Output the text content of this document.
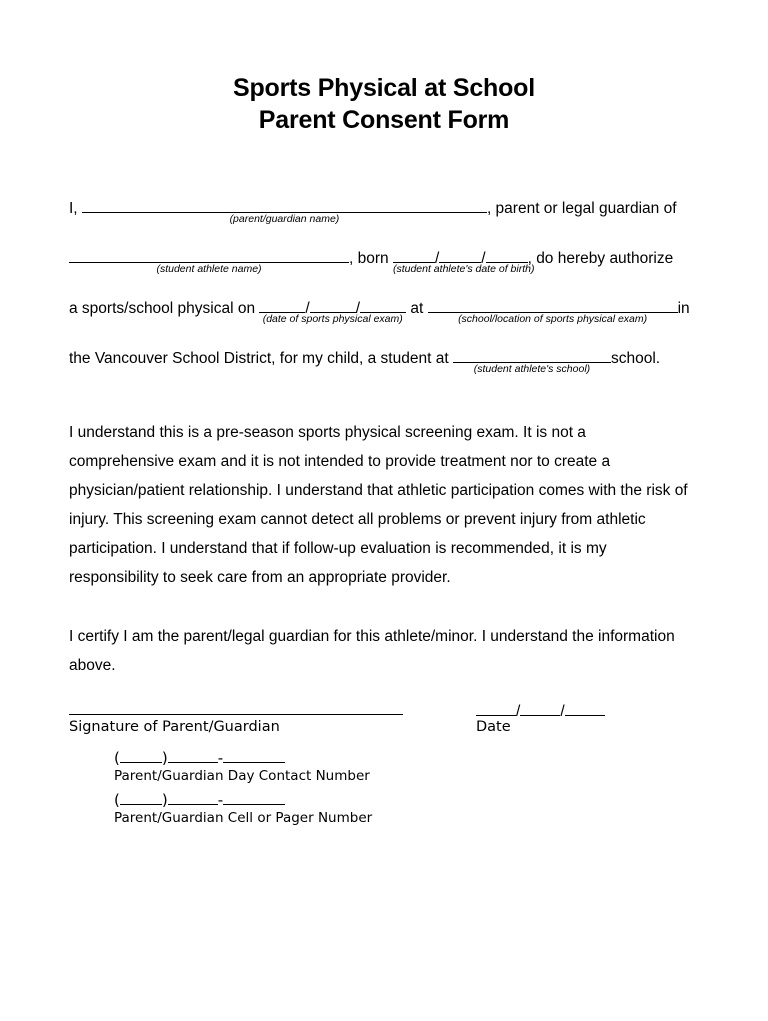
Sports Physical at School
Parent Consent Form
I,
(parent/guardian name)
, parent or legal guardian of
(student athlete name)
, born	/	/
(student athlete's date of birth)
, do hereby authorize
a sports/school physical on	/	/
(date of sports physical exam)
at
(school/location of sports physical exam)
in
the Vancouver School District, for my child, a student at
(student athlete's school)
school.
I understand this is a pre-season sports physical screening exam. It is not a comprehensive exam and it is not intended to provide treatment nor to create a physician/patient relationship. I understand that athletic participation comes with the risk of injury. This screening exam cannot detect all problems or prevent injury from athletic participation. I understand that if follow-up evaluation is recommended, it is my responsibility to seek care from an appropriate provider.
I certify I am the parent/legal guardian for this athlete/minor. I understand the information above.
Signature of Parent/Guardian
/	/
Date
(	)	-
Parent/Guardian Day Contact Number
(	)	-
Parent/Guardian Cell or Pager Number
